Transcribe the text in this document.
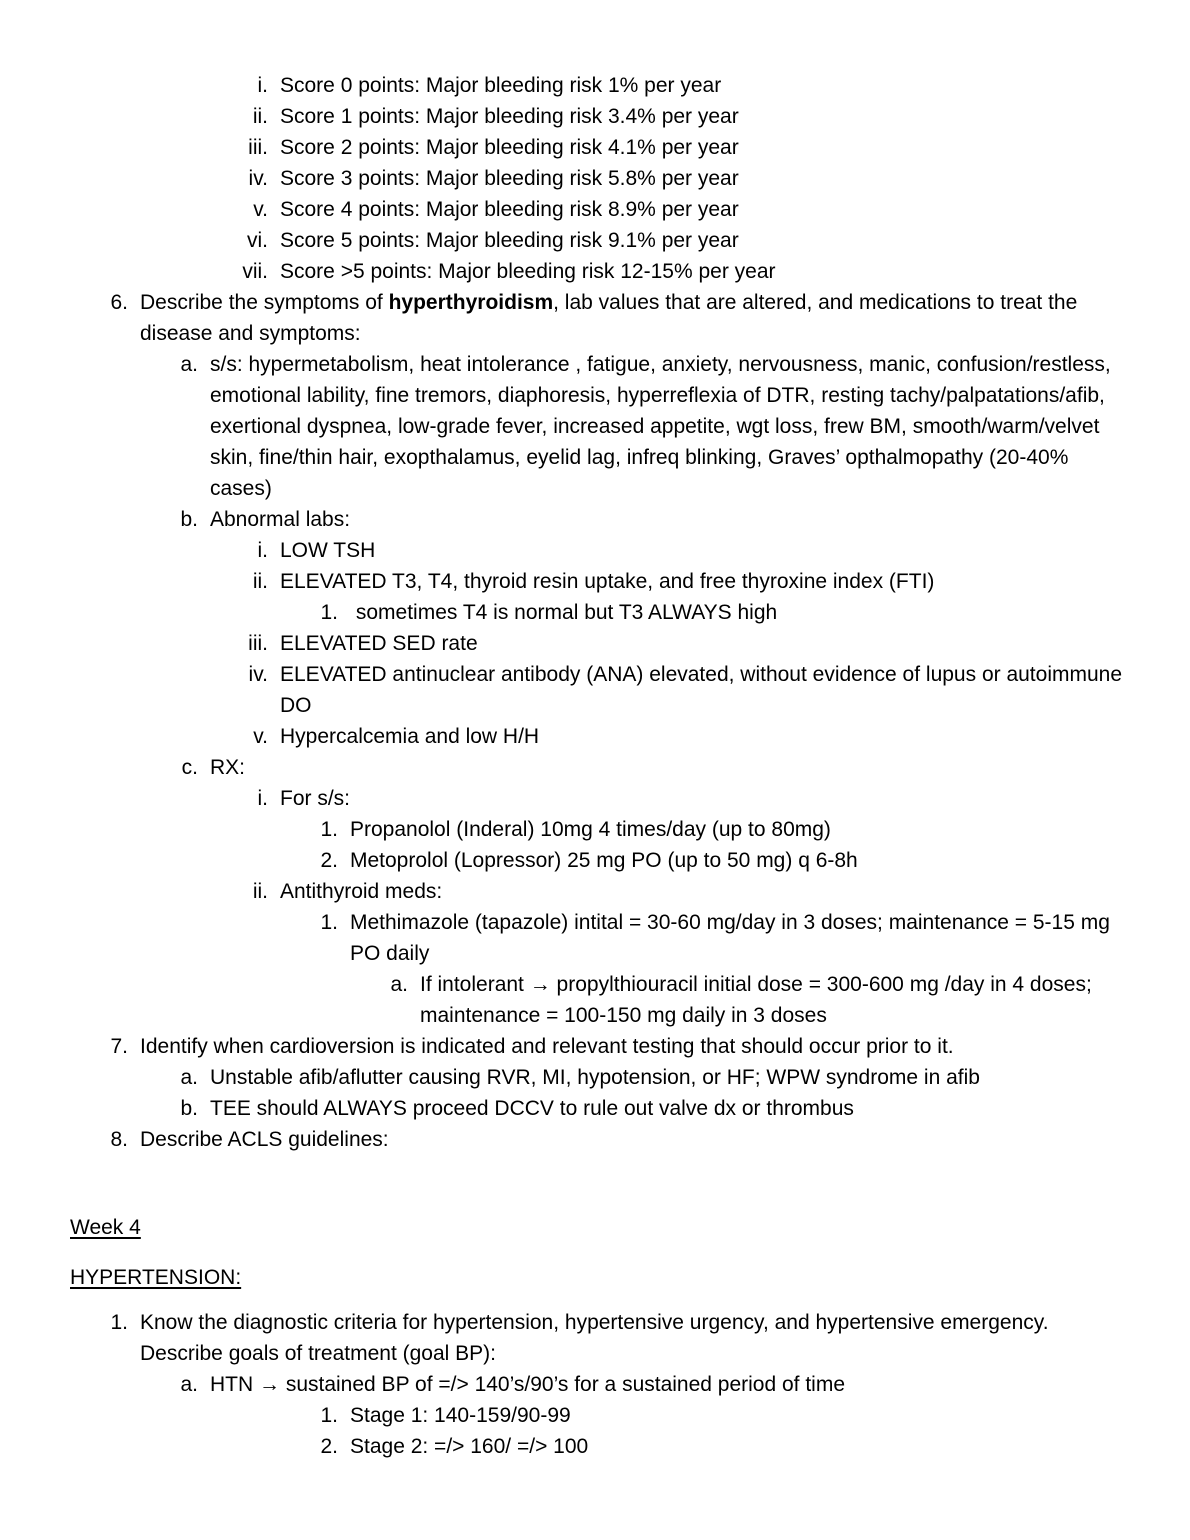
i. Score 0 points: Major bleeding risk 1% per year
ii. Score 1 points: Major bleeding risk 3.4% per year
iii. Score 2 points: Major bleeding risk 4.1% per year
iv. Score 3 points: Major bleeding risk 5.8% per year
v. Score 4 points: Major bleeding risk 8.9% per year
vi. Score 5 points: Major bleeding risk 9.1% per year
vii. Score >5 points: Major bleeding risk 12-15% per year
6. Describe the symptoms of hyperthyroidism, lab values that are altered, and medications to treat the disease and symptoms:
a. s/s: hypermetabolism, heat intolerance , fatigue, anxiety, nervousness, manic, confusion/restless, emotional lability, fine tremors, diaphoresis, hyperreflexia of DTR, resting tachy/palpatations/afib, exertional dyspnea, low-grade fever, increased appetite, wgt loss, frew BM, smooth/warm/velvet skin, fine/thin hair, exopthalamus, eyelid lag, infreq blinking, Graves’ opthalmopathy (20-40% cases)
b. Abnormal labs:
i. LOW TSH
ii. ELEVATED T3, T4, thyroid resin uptake, and free thyroxine index (FTI)
1. sometimes T4 is normal but T3 ALWAYS high
iii. ELEVATED SED rate
iv. ELEVATED antinuclear antibody (ANA) elevated, without evidence of lupus or autoimmune DO
v. Hypercalcemia and low H/H
c. RX:
i. For s/s:
1. Propanolol (Inderal) 10mg 4 times/day (up to 80mg)
2. Metoprolol (Lopressor) 25 mg PO (up to 50 mg) q 6-8h
ii. Antithyroid meds:
1. Methimazole (tapazole) intital = 30-60 mg/day in 3 doses; maintenance = 5-15 mg PO daily
a. If intolerant → propylthiouracil initial dose = 300-600 mg /day in 4 doses; maintenance = 100-150 mg daily in 3 doses
7. Identify when cardioversion is indicated and relevant testing that should occur prior to it.
a. Unstable afib/aflutter causing RVR, MI, hypotension, or HF; WPW syndrome in afib
b. TEE should ALWAYS proceed DCCV to rule out valve dx or thrombus
8. Describe ACLS guidelines:
Week 4
HYPERTENSION:
1. Know the diagnostic criteria for hypertension, hypertensive urgency, and hypertensive emergency.   Describe goals of treatment (goal BP):
a. HTN → sustained BP of =/> 140’s/90’s for a sustained period of time
1. Stage 1: 140-159/90-99
2. Stage 2: =/> 160/ =/> 100
